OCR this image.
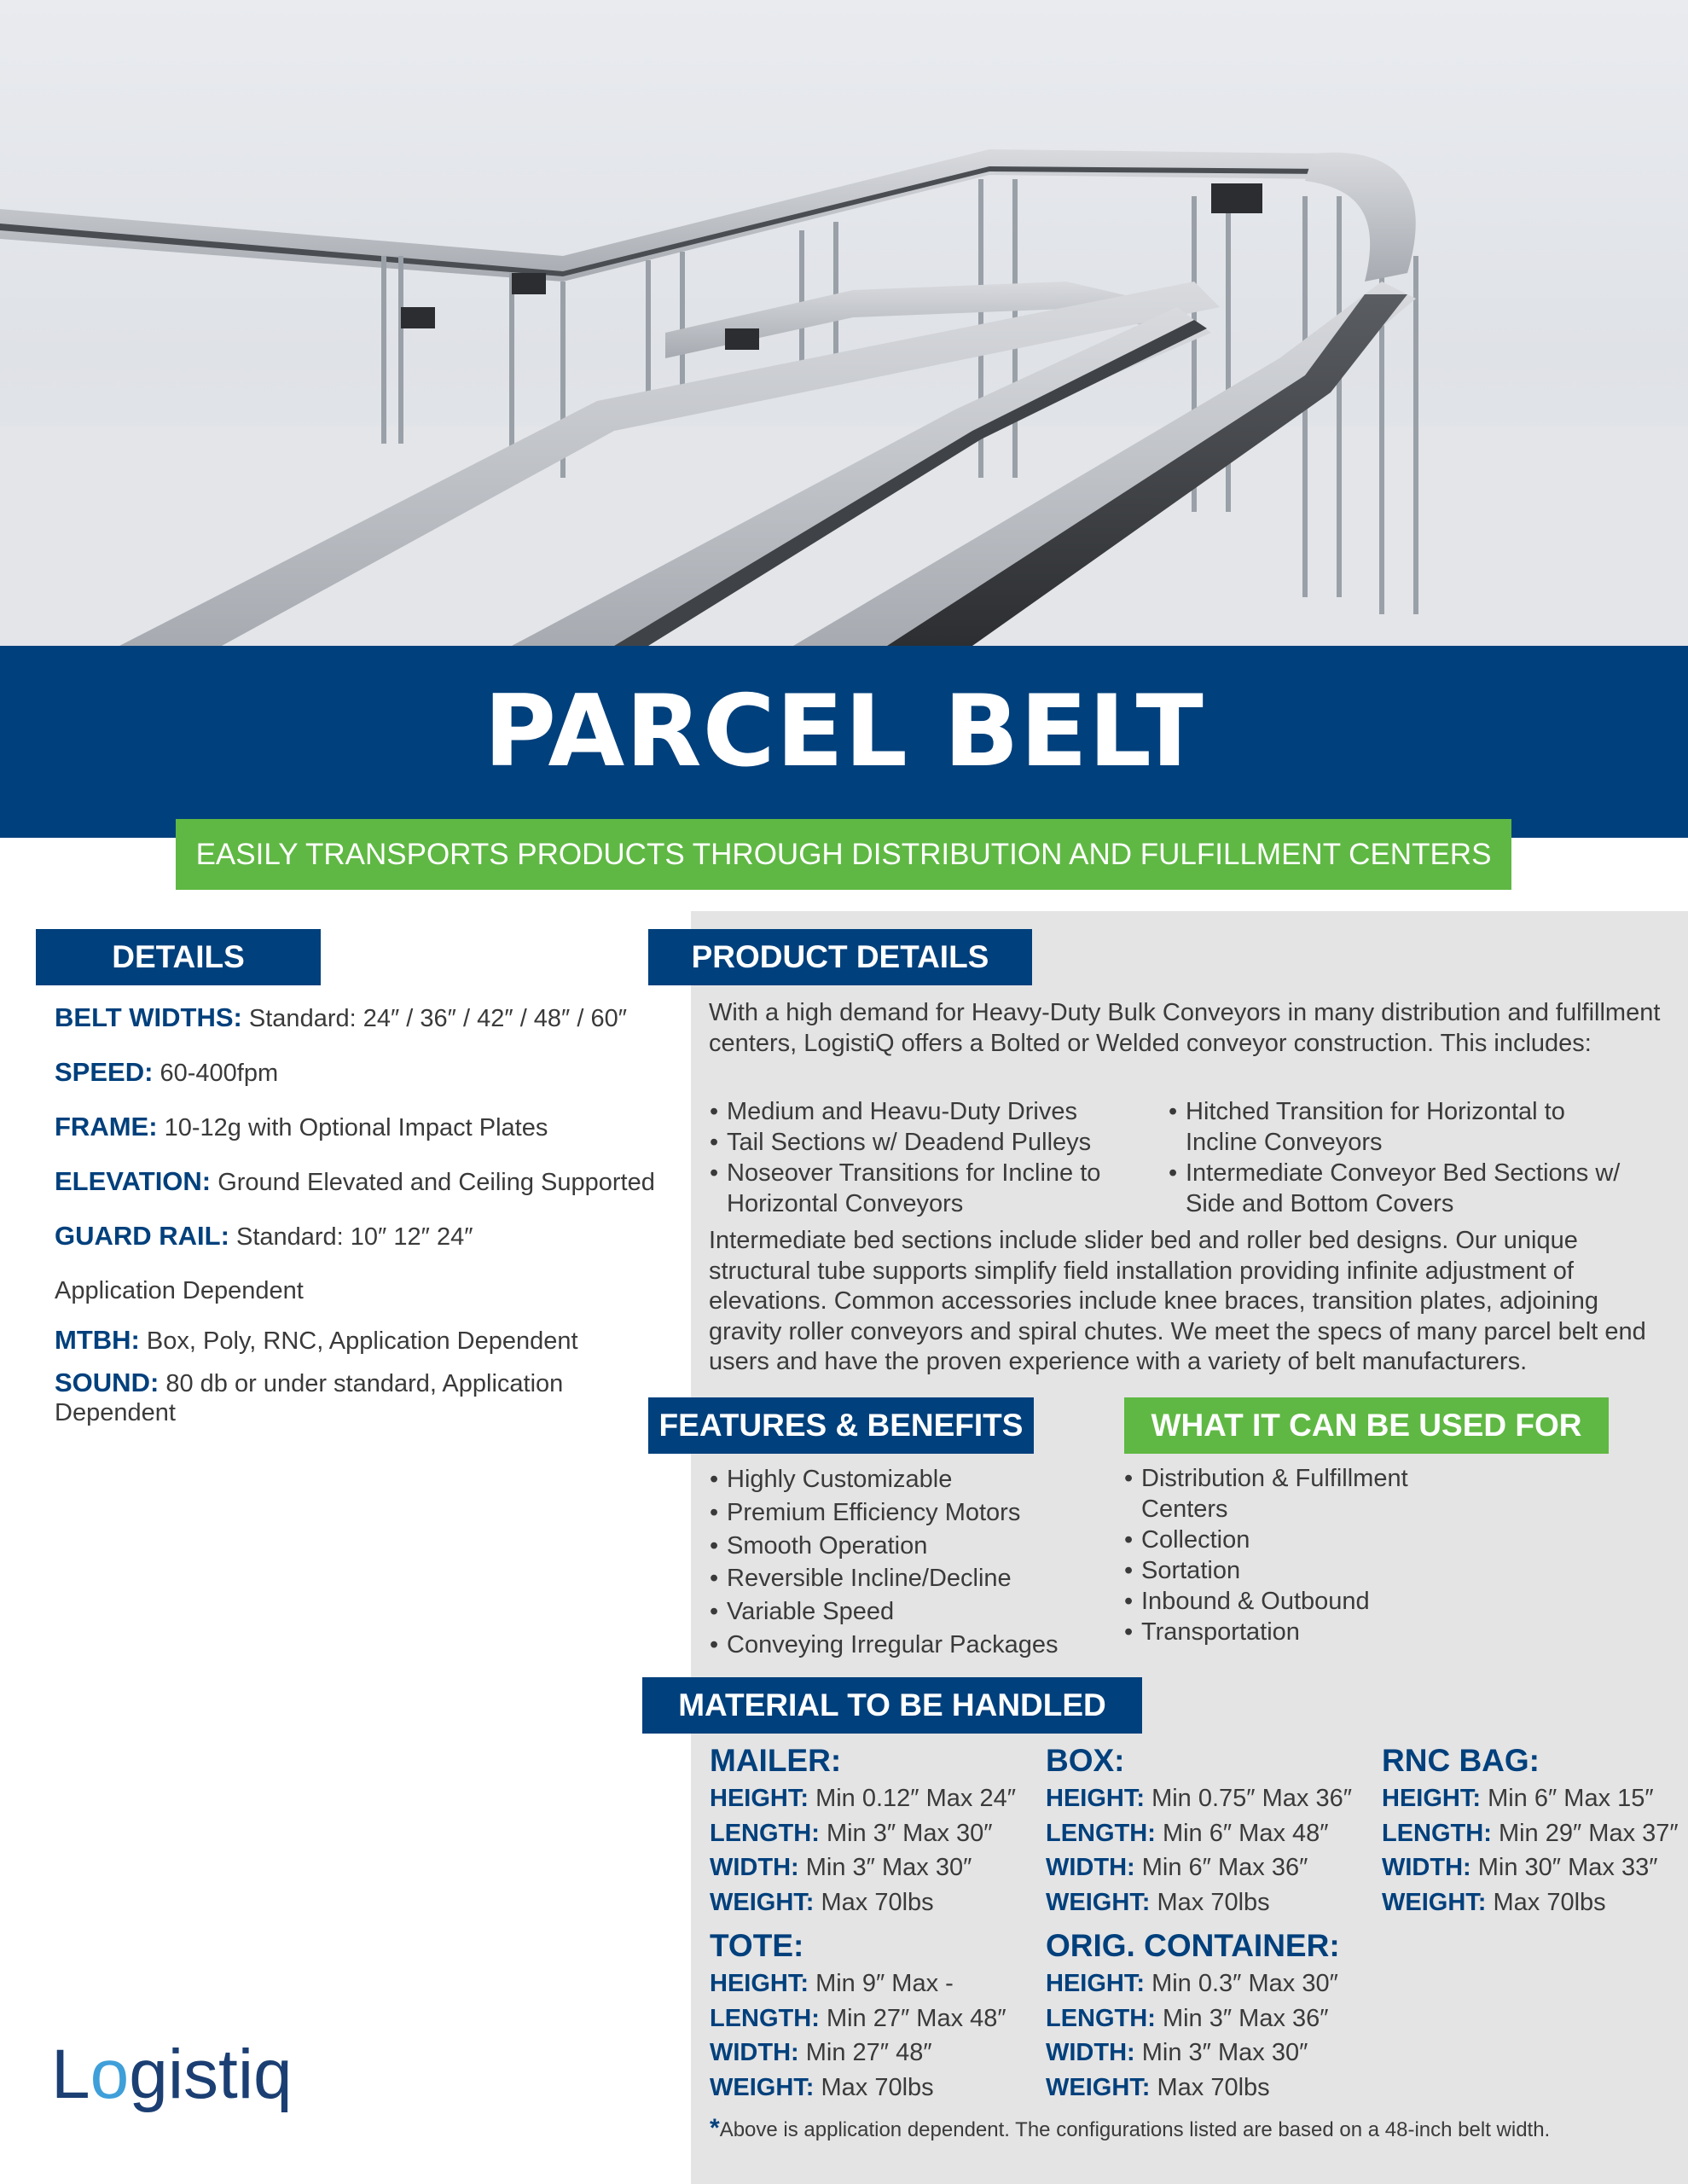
PARCEL BELT
EASILY TRANSPORTS PRODUCTS THROUGH DISTRIBUTION AND FULFILLMENT CENTERS
DETAILS
BELT WIDTHS: Standard: 24″ / 36″ / 42″ / 48″ / 60″
SPEED: 60-400fpm
FRAME: 10-12g with Optional Impact Plates
ELEVATION: Ground Elevated and Ceiling Supported
GUARD RAIL: Standard: 10″ 12″ 24″
Application Dependent
MTBH: Box, Poly, RNC, Application Dependent
SOUND: 80 db or under standard, Application Dependent
PRODUCT DETAILS
With a high demand for Heavy-Duty Bulk Conveyors in many distribution and fulfillment centers, LogistiQ offers a Bolted or Welded conveyor construction. This includes:
• Medium and Heavu-Duty Drives
• Tail Sections w/ Deadend Pulleys
• Noseover Transitions for Incline to Horizontal Conveyors
• Hitched Transition for Horizontal to Incline Conveyors
• Intermediate Conveyor Bed Sections w/ Side and Bottom Covers
Intermediate bed sections include slider bed and roller bed designs. Our unique structural tube supports simplify field installation providing infinite adjustment of elevations. Common accessories include knee braces, transition plates, adjoining gravity roller conveyors and spiral chutes. We meet the specs of many parcel belt end users and have the proven experience with a variety of belt manufacturers.
FEATURES & BENEFITS
• Highly Customizable
• Premium Efficiency Motors
• Smooth Operation
• Reversible Incline/Decline
• Variable Speed
• Conveying Irregular Packages
WHAT IT CAN BE USED FOR
• Distribution & Fulfillment Centers
• Collection
• Sortation
• Inbound & Outbound
• Transportation
MATERIAL TO BE HANDLED
MAILER:
HEIGHT: Min 0.12″ Max 24″
LENGTH: Min 3″ Max 30″
WIDTH: Min 3″ Max 30″
WEIGHT: Max 70lbs
BOX:
HEIGHT: Min 0.75″ Max 36″
LENGTH: Min 6″ Max 48″
WIDTH: Min 6″ Max 36″
WEIGHT: Max 70lbs
RNC BAG:
HEIGHT: Min 6″ Max 15″
LENGTH: Min 29″ Max 37″
WIDTH: Min 30″ Max 33″
WEIGHT: Max 70lbs
TOTE:
HEIGHT: Min 9″ Max -
LENGTH: Min 27″ Max 48″
WIDTH: Min 27″ 48″
WEIGHT: Max 70lbs
ORIG. CONTAINER:
HEIGHT: Min 0.3″ Max 30″
LENGTH: Min 3″ Max 36″
WIDTH: Min 3″ Max 30″
WEIGHT: Max 70lbs
*Above is application dependent. The configurations listed are based on a 48-inch belt width.
Logistiq
